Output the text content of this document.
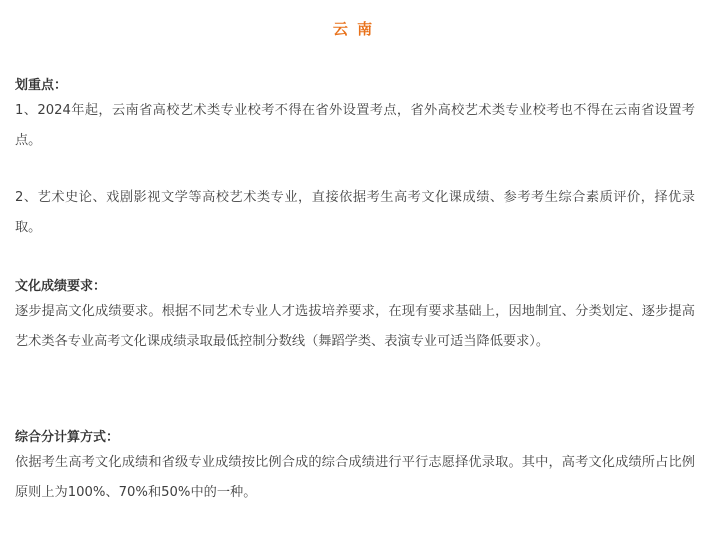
云 南

划重点：

1、2024年起，云南省高校艺术类专业校考不得在省外设置考点，省外高校艺术类专业校考也不得在云南省设置考点。

2、艺术史论、戏剧影视文学等高校艺术类专业，直接依据考生高考文化课成绩、参考考生综合素质评价，择优录取。

文化成绩要求：

逐步提高文化成绩要求。根据不同艺术专业人才选拔培养要求，在现有要求基础上，因地制宜、分类划定、逐步提高艺术类各专业高考文化课成绩录取最低控制分数线（舞蹈学类、表演专业可适当降低要求）。

综合分计算方式：

依据考生高考文化成绩和省级专业成绩按比例合成的综合成绩进行平行志愿择优录取。其中，高考文化成绩所占比例原则上为100%、70%和50%中的一种。
